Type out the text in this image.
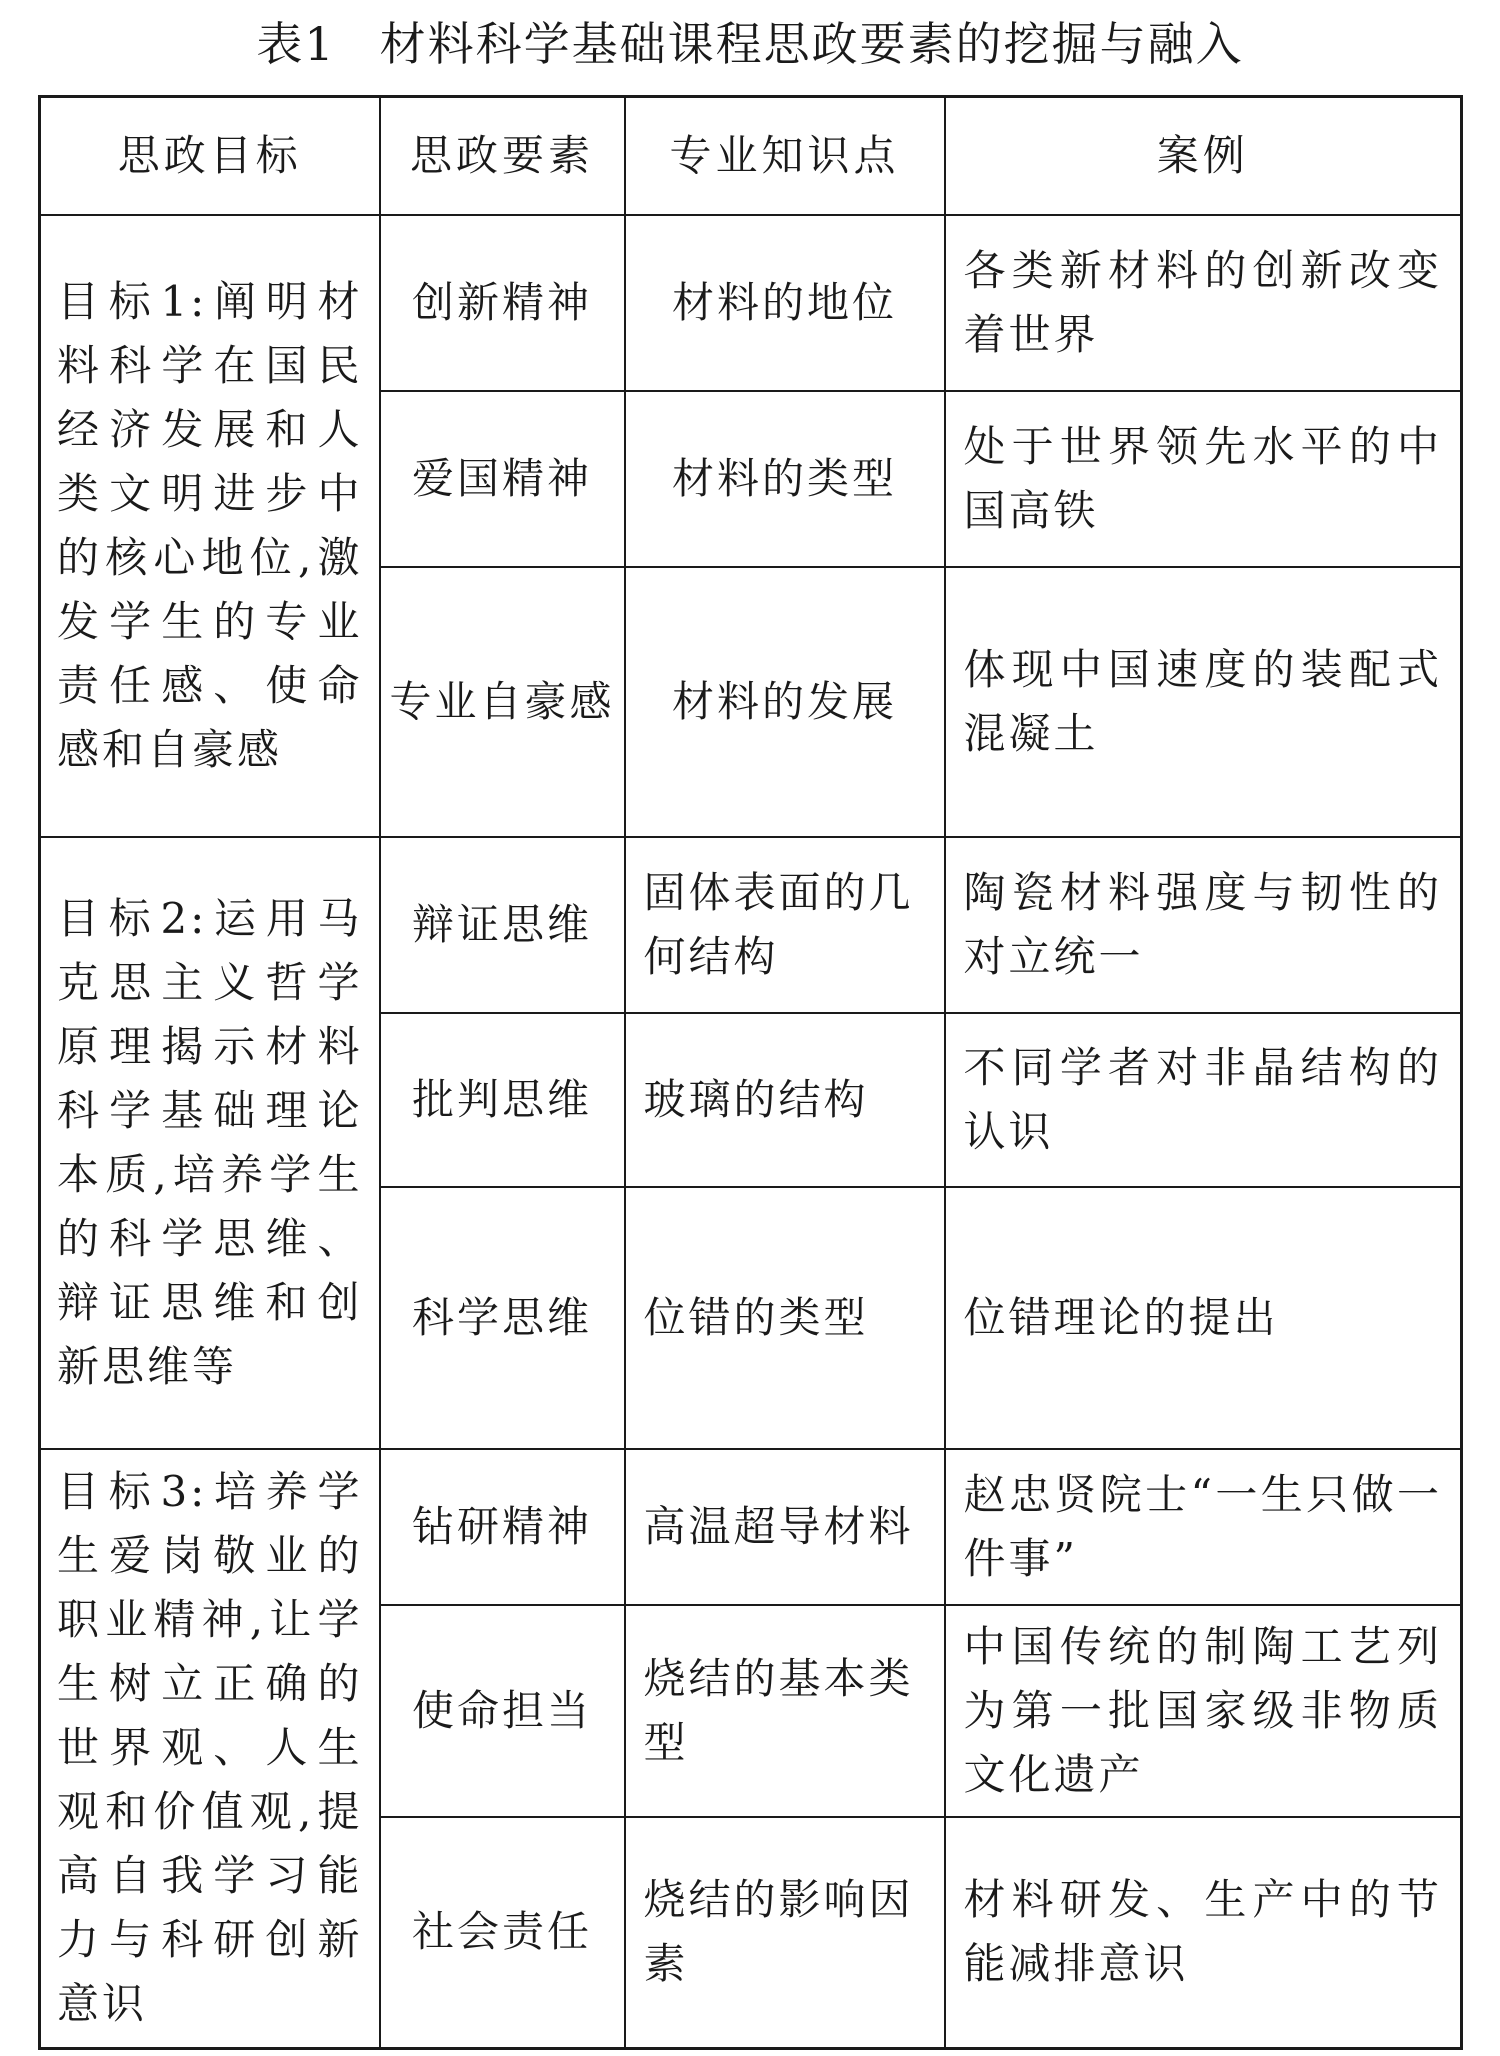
表1 材料科学基础课程思政要素的挖掘与融入
思政目标	思政要素	专业知识点	案例
目标1:阐明材料科学在国民经济发展和人类文明进步中的核心地位,激发学生的专业责任感、使命感和自豪感	创新精神	材料的地位	各类新材料的创新改变着世界
	爱国精神	材料的类型	处于世界领先水平的中国高铁
	专业自豪感	材料的发展	体现中国速度的装配式混凝土
目标2:运用马克思主义哲学原理揭示材料科学基础理论本质,培养学生的科学思维、辩证思维和创新思维等	辩证思维	固体表面的几何结构	陶瓷材料强度与韧性的对立统一
	批判思维	玻璃的结构	不同学者对非晶结构的认识
	科学思维	位错的类型	位错理论的提出
目标3:培养学生爱岗敬业的职业精神,让学生树立正确的世界观、人生观和价值观,提高自我学习能力与科研创新意识	钻研精神	高温超导材料	赵忠贤院士“一生只做一件事”
	使命担当	烧结的基本类型	中国传统的制陶工艺列为第一批国家级非物质文化遗产
	社会责任	烧结的影响因素	材料研发、生产中的节能减排意识
